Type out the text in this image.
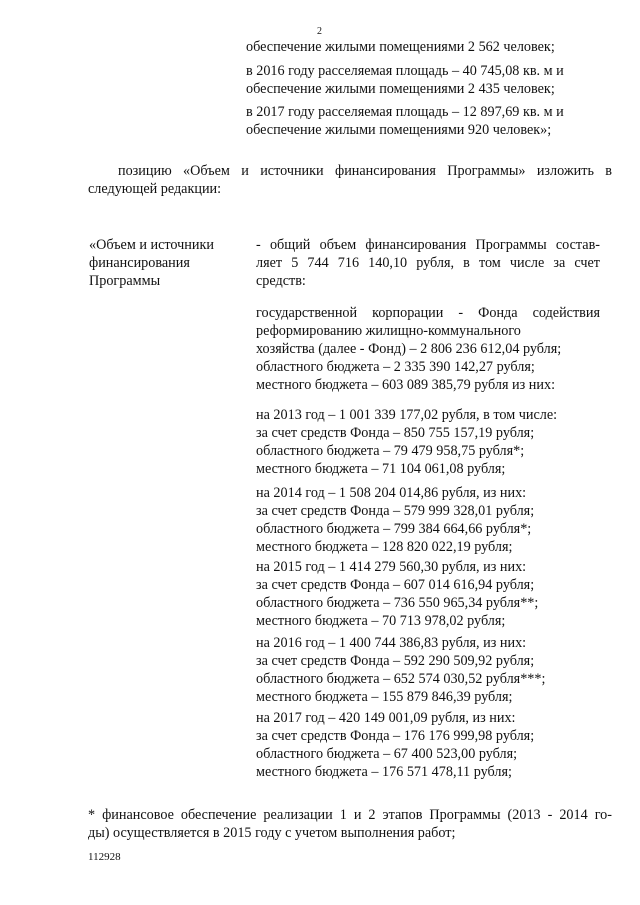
2
обеспечение жилыми помещениями 2 562 человек;
в 2016 году расселяемая площадь – 40 745,08 кв. м и
обеспечение жилыми помещениями 2 435 человек;
в 2017 году расселяемая площадь – 12 897,69 кв. м и
обеспечение жилыми помещениями 920 человек»;
позицию «Объем и источники финансирования Программы» изложить в
следующей редакции:
«Объем и источники
финансирования
Программы
- общий объем финансирования Программы состав-
ляет 5 744 716 140,10 рубля, в том числе за счет
средств:
государственной корпорации - Фонда содействия
реформированию жилищно-коммунального
хозяйства (далее - Фонд) – 2 806 236 612,04 рубля;
областного бюджета – 2 335 390 142,27 рубля;
местного бюджета – 603 089 385,79 рубля из них:
на 2013 год – 1 001 339 177,02 рубля, в том числе:
за счет средств Фонда – 850 755 157,19 рубля;
областного бюджета – 79 479 958,75 рубля*;
местного бюджета – 71 104 061,08 рубля;
на 2014 год – 1 508 204 014,86 рубля, из них:
за счет средств Фонда – 579 999 328,01 рубля;
областного бюджета – 799 384 664,66 рубля*;
местного бюджета – 128 820 022,19 рубля;
на 2015 год – 1 414 279 560,30 рубля, из них:
за счет средств Фонда – 607 014 616,94 рубля;
областного бюджета – 736 550 965,34 рубля**;
местного бюджета – 70 713 978,02 рубля;
на 2016 год – 1 400 744 386,83 рубля, из них:
за счет средств Фонда – 592 290 509,92 рубля;
областного бюджета – 652 574 030,52 рубля***;
местного бюджета – 155 879 846,39 рубля;
на 2017 год – 420 149 001,09 рубля, из них:
за счет средств Фонда – 176 176 999,98 рубля;
областного бюджета – 67 400 523,00 рубля;
местного бюджета – 176 571 478,11 рубля;
* финансовое обеспечение реализации 1 и 2 этапов Программы (2013 - 2014 го-
ды) осуществляется в 2015 году с учетом выполнения работ;
112928
